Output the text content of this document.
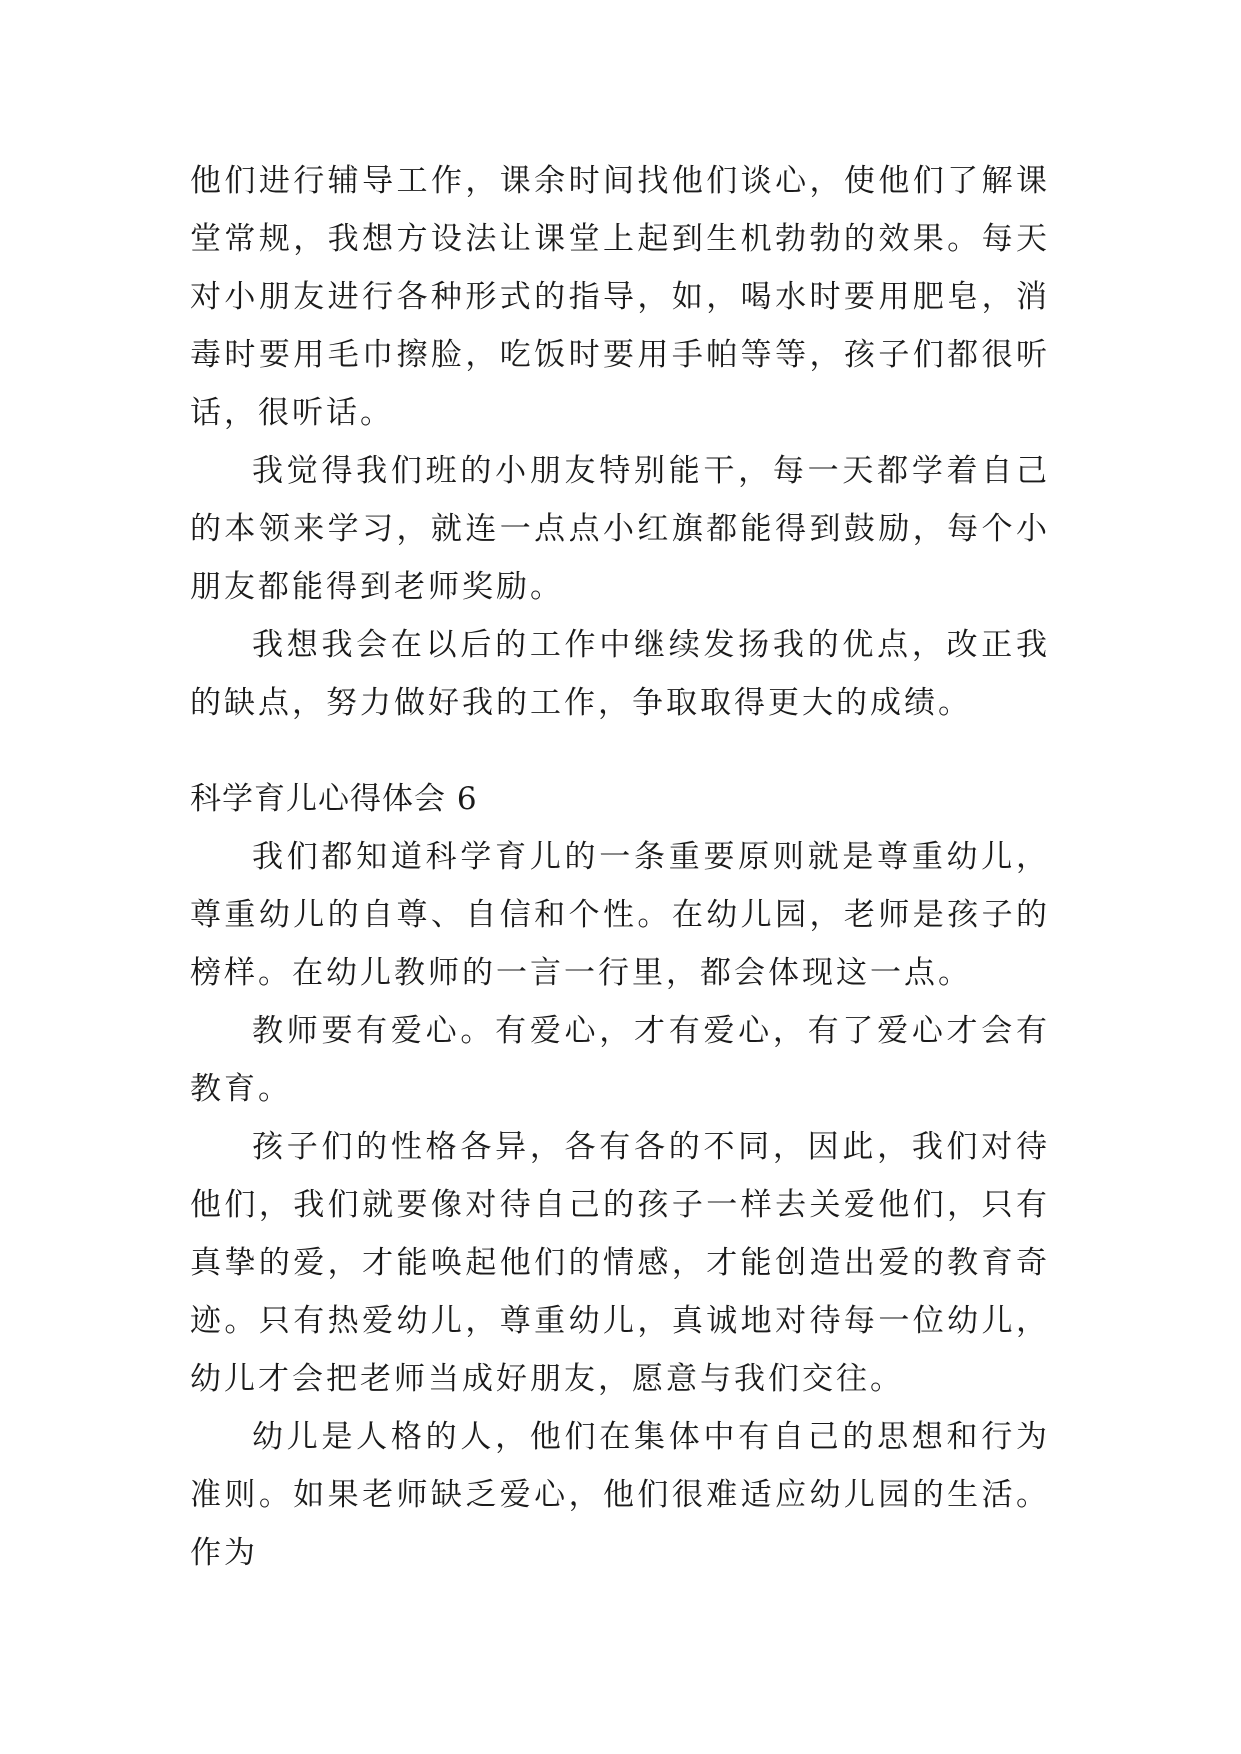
他们进行辅导工作，课余时间找他们谈心，使他们了解课堂常规，我想方设法让课堂上起到生机勃勃的效果。每天对小朋友进行各种形式的指导，如，喝水时要用肥皂，消毒时要用毛巾擦脸，吃饭时要用手帕等等，孩子们都很听话，很听话。

我觉得我们班的小朋友特别能干，每一天都学着自己的本领来学习，就连一点点小红旗都能得到鼓励，每个小朋友都能得到老师奖励。

我想我会在以后的工作中继续发扬我的优点，改正我的缺点，努力做好我的工作，争取取得更大的成绩。

科学育儿心得体会 6

我们都知道科学育儿的一条重要原则就是尊重幼儿，尊重幼儿的自尊、自信和个性。在幼儿园，老师是孩子的榜样。在幼儿教师的一言一行里，都会体现这一点。

教师要有爱心。有爱心，才有爱心，有了爱心才会有教育。

孩子们的性格各异，各有各的不同，因此，我们对待他们，我们就要像对待自己的孩子一样去关爱他们，只有真挚的爱，才能唤起他们的情感，才能创造出爱的教育奇迹。只有热爱幼儿，尊重幼儿，真诚地对待每一位幼儿，幼儿才会把老师当成好朋友，愿意与我们交往。

幼儿是人格的人，他们在集体中有自己的思想和行为准则。如果老师缺乏爱心，他们很难适应幼儿园的生活。作为
